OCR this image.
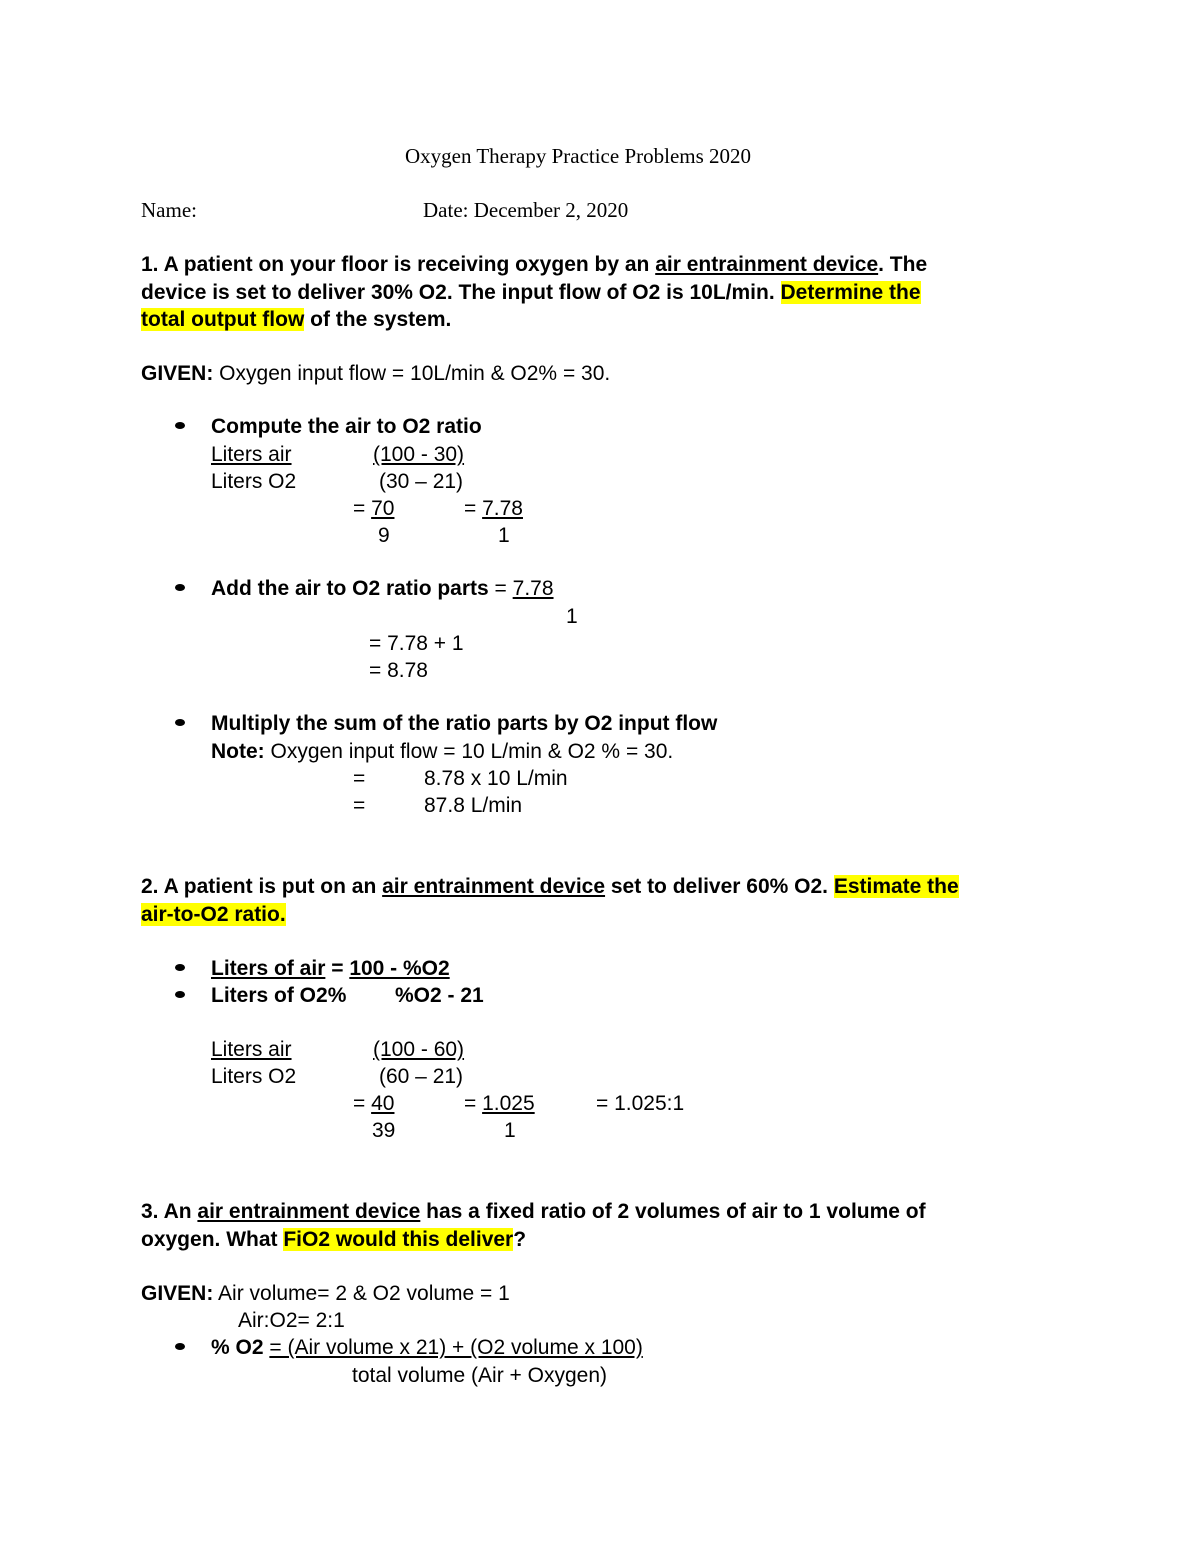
Oxygen Therapy Practice Problems 2020
Name:	Date: December 2, 2020
1. A patient on your floor is receiving oxygen by an air entrainment device. The
device is set to deliver 30% O2. The input flow of O2 is 10L/min. Determine the
total output flow of the system.
GIVEN: Oxygen input flow = 10L/min & O2% = 30.
Compute the air to O2 ratio
Liters air	(100 - 30)
Liters O2	(30 – 21)
= 70
9
= 7.78
1
Add the air to O2 ratio parts = 7.78
1
= 7.78 + 1
= 8.78
Multiply the sum of the ratio parts by O2 input flow
Note: Oxygen input flow = 10 L/min & O2 % = 30.
=	8.78 x 10 L/min
=	87.8 L/min
2. A patient is put on an air entrainment device set to deliver 60% O2. Estimate the
air-to-O2 ratio.
Liters of air = 100 - %O2
Liters of O2% %O2 - 21
Liters air	(100 - 60)
Liters O2	(60 – 21)
= 40
39
= 1.025
1
= 1.025:1
3. An air entrainment device has a fixed ratio of 2 volumes of air to 1 volume of
oxygen. What FiO2 would this deliver?
GIVEN: Air volume= 2 & O2 volume = 1
Air:O2= 2:1
% O2 = (Air volume x 21) + (O2 volume x 100)
total volume (Air + Oxygen)
